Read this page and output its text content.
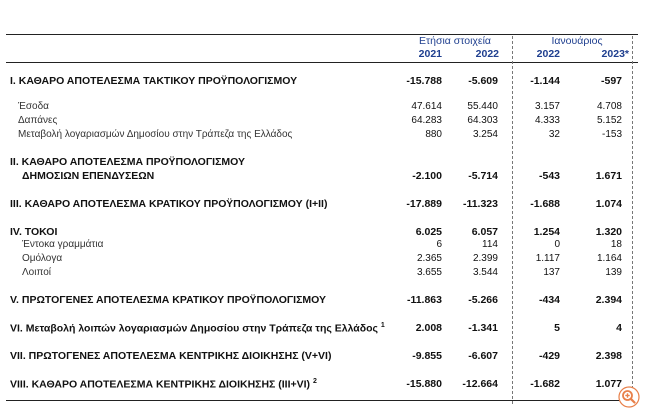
Ετήσια στοιχεία	Ιανουάριος
2021	2022	2022	2023*
I. ΚΑΘΑΡΟ ΑΠΟΤΕΛΕΣΜΑ ΤΑΚΤΙΚΟΥ ΠΡΟΫΠΟΛΟΓΙΣΜΟΥ	-15.788	-5.609	-1.144	-597
Έσοδα	47.614	55.440	3.157	4.708
Δαπάνες	64.283	64.303	4.333	5.152
Μεταβολή λογαριασμών Δημοσίου στην Τράπεζα της Ελλάδος	880	3.254	32	-153
II. ΚΑΘΑΡΟ ΑΠΟΤΕΛΕΣΜΑ ΠΡΟΫΠΟΛΟΓΙΣΜΟΥ
ΔΗΜΟΣΙΩΝ ΕΠΕΝΔΥΣΕΩΝ	-2.100	-5.714	-543	1.671
III. ΚΑΘΑΡΟ ΑΠΟΤΕΛΕΣΜΑ ΚΡΑΤΙΚΟΥ ΠΡΟΫΠΟΛΟΓΙΣΜΟΥ (I+II)	-17.889	-11.323	-1.688	1.074
IV. ΤΟΚΟΙ	6.025	6.057	1.254	1.320
Έντοκα γραμμάτια	6	114	0	18
Ομόλογα	2.365	2.399	1.117	1.164
Λοιποί	3.655	3.544	137	139
V. ΠΡΩΤΟΓΕΝΕΣ ΑΠΟΤΕΛΕΣΜΑ ΚΡΑΤΙΚΟΥ ΠΡΟΫΠΟΛΟΓΙΣΜΟΥ	-11.863	-5.266	-434	2.394
VI. Μεταβολή λοιπών λογαριασμών Δημοσίου στην Τράπεζα της Ελλάδος $^1$	2.008	-1.341	5	4
VII. ΠΡΩΤΟΓΕΝΕΣ ΑΠΟΤΕΛΕΣΜΑ ΚΕΝΤΡΙΚΗΣ ΔΙΟΙΚΗΣΗΣ (V+VI)	-9.855	-6.607	-429	2.398
VIII. ΚΑΘΑΡΟ ΑΠΟΤΕΛΕΣΜΑ ΚΕΝΤΡΙΚΗΣ ΔΙΟΙΚΗΣΗΣ (III+VI) $^2$	-15.880	-12.664	-1.682	1.077
